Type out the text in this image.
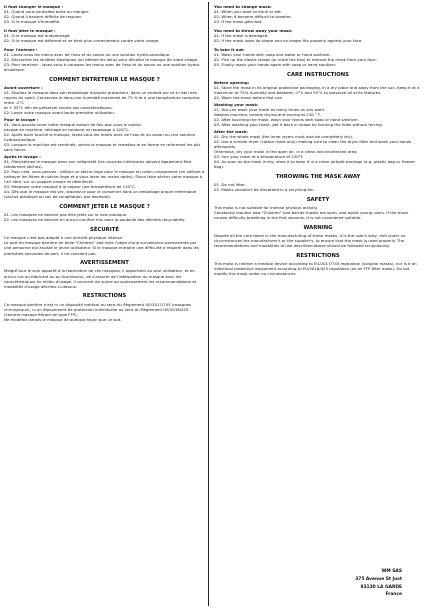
Il faut changer le masque :

01. Quand vous souhaitez boire ou manger.

02. Quand il devient difficile de respirer.

03. Si le masque s'humidifie.

Il faut jeter le masque :

01. Si le masque est endommagé.

02. Si le masque est déformé et ne tient plus correctement contre votre visage.

Pour l'enlever :

01. Lavez-vous les mains avec de l'eau et du savon ou une solution hydro-alcoolique.

02. Décrochez les lanières élastiques (ou défaire les liens) pour décoller le masque de votre visage.

03. Pour terminer : lavez-vous à nouveau les mains avec de l'eau et du savon ou une solution hydro-alcoolique.

COMMENT ENTRETENIR LE MASQUE ?

Avant ouverture :

01. Stockez le masque dans son emballage d'origine protecteur, dans un endroit sec et à l'abri des rayons du soleil. Conservez-le dans une humidité maximale de 75 % et à une température comprise entre -2°C

et + 55°C afin de préserver toutes ses caractéristiques.

02. Lavez votre masque avant toute première utilisation.

Pour le lavage :

01. Vous pouvez laver votre masque autant de fois que vous le voulez.

Lavage en machine, séchage en tambour et repassage à 120°C.

02. Après avoir touché le masque, lavez-vous les mains avec de l'eau et du savon ou une solution hydroalcoolique.

03. Lorsque la machine est terminée, sortez le masque et remettez-le en forme en reformant les plis sans forcer.

Après le lavage :

01. Pliez/séchez le masque dans son intégralité (les couches intérieures doivent également être totalement sèches).

02. Pour cela, vous pouvez : utiliser un sèche-linge pour le masque en coton uniquement (en veillant à nettoyer les filtres du sèche-linge et à vous laver les mains après). Sinon faire sécher votre masque à l'air libre, sur un support propre et désinfecté.

03. Repassez votre masque à la vapeur une température de 110°C.

04. Dès que le masque est sec, stockez-le pour le conserver dans un emballage propre refermable (sachet plastique ou sac de congélation, par exemple).

COMMENT JETER LE MASQUE ?

01. Les masques ne doivent pas être jetés sur la voie publique.

02. Les masques ne doivent en aucun cas être mis dans la poubelle des déchets recyclables.

SÉCURITÉ

Ce masque n'est pas adapté à une activité physique intense.

Le port du masque barrière de taille "Children" doit faire l'objet d'une surveillance permanente par une personne qui assiste le jeune utilisateur. Si le masque entraine une difficulté à respirer dans les premières secondes de port, il ne convient pas.

AVERTISSEMENT

Malgré tout le soin apporté à la fabrication de ces masques, il appartient au seul utilisateur, et en aucun cas au fabricant ou au fournisseur, de s'assurer de l'adéquation du masque avec les caractéristiques du milieu d'usage. Il convient de suivre scrupuleusement les recommandations et modalités d'usage décrites ci-dessus.

RESTRICTIONS

Ce masque barrière n'est ni un dispositif médical au sens du Règlement UE/2017/745 (masques chirurgicaux), ni un équipement de protection individuelle au sens du Règlement UE/2016/425 (comme masque filtrant de type FFP).

Ne modifiez jamais le masque de quelque façon que ce soit.

You need to change mask:

01. When you want to drink or eat.

02. When it become difficult to breathe.

03. If the mask gets wet.

You need to throw away your mask:

01. If the mask is damaged.

02. If the mask loses its shape and no longer fits properly against your face.

To take it out:

01. Wash your hands with soap and water or hand sanitizer.

02. Pick up the elastic straps (or untie the ties) to remove the mask from your face.

03. Finally: wash your hands again with soap or hand sanitizer.

CARE INSTRUCTIONS

Before opening:

01. Store the mask in its original protective packaging, in a dry place and away from the sun. Keep it at a maximum of 75% humidity and between -2°C and 55°C to preserve all of its features.

02. Wash the mask before first use.

Washing your mask:

01. You can wash your mask as many times as you want.

Washes machine, tumble drying and ironing at 230 ° F.

02. After touching the mask, wash your hands with soap or hand sanitizer.

03. After washing your mask, get it back in shape by forming the folds without forcing.

After the wash:

01. Dry the whole mask (the inner layers must also be completely dry).

02. Use a tumble dryer (cotton mask only) making sure to clean the dryer filter and wash your hands afterwards.

Otherwise, dry your mask in the open air, in a clean and disinfected area.

03. Iron your mask at a temperature of 230°F.

04. As soon as the mask is dry, store it to keep it in a clean airtight package (e.g. plastic bag or freezer bag).

THROWING THE MASK AWAY

01. Do not litter.

02. Masks shouldn't be discarded in a recycling bin.

SAFETY

This mask is not suitable for intense physical activity.

Constantly monitor how "Children" size barrier masks are worn, and assist young users. If the mask causes difficulty breathing in the first seconds, it is not considered suitable.

WARNING

Despite all the care taken in the manufacturing of these masks, it is the user's duty, and under no circumstances the manufacturer's or the supplier's, to ensure that the mask is used properly. The recommendations and modalities of use described above should be followed scrupulously.

RESTRICTIONS

This mask is neither a medical device according to EU/2017/745 regulation (surgical masks), nor is it an individual protective equipment according to EU/2016/425 regulation (as an FFP filter mask). Do not modify this mask under no circumstances.

WM SAS
375 Avenue St Just
83130 LA GARDE
France
